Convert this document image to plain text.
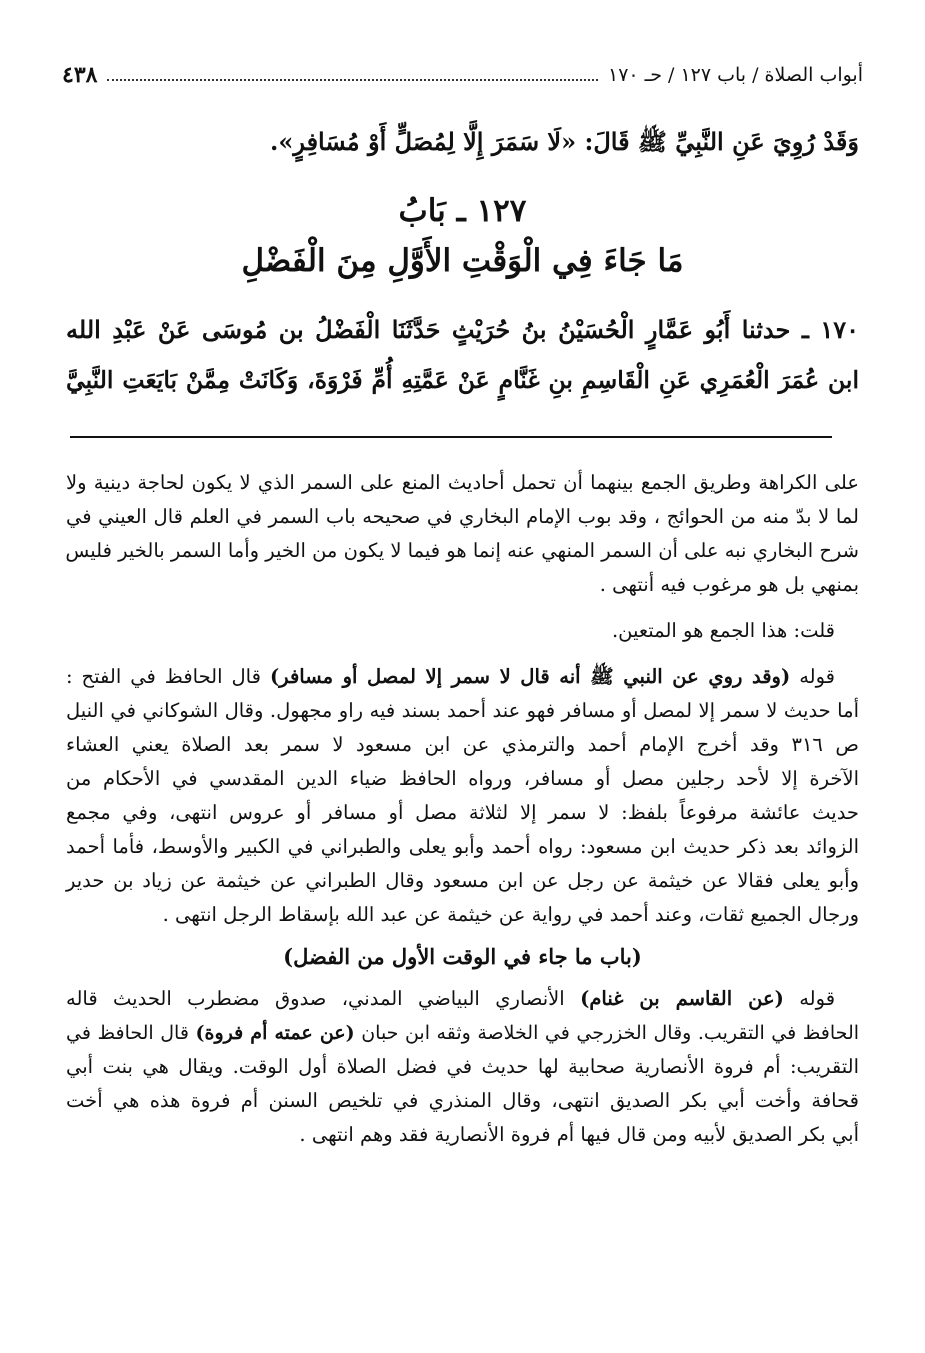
٤٣٨	أبواب الصلاة / باب ١٢٧ / حـ ١٧٠
وَقَدْ رُوِيَ عَنِ النَّبِيِّ ﷺ قَالَ: «لَا سَمَرَ إِلَّا لِمُصَلٍّ أَوْ مُسَافِرٍ».
١٢٧ ـ بَابُ
مَا جَاءَ فِي الْوَقْتِ الأَوَّلِ مِنَ الْفَضْلِ
١٧٠ ـ حدثنا أَبُو عَمَّارٍ الْحُسَيْنُ بنُ حُرَيْثٍ حَدَّثَنَا الْفَضْلُ بن مُوسَى عَنْ عَبْدِ الله
ابن عُمَرَ الْعُمَرِي عَنِ الْقَاسِمِ بنِ غَنَّامٍ عَنْ عَمَّتِهِ أُمِّ فَرْوَةَ، وَكَانَتْ مِمَّنْ بَايَعَتِ النَّبِيَّ
على الكراهة وطريق الجمع بينهما أن تحمل أحاديث المنع على السمر الذي لا يكون لحاجة دينية ولا
لما لا بدّ منه من الحوائج ، وقد بوب الإمام البخاري في صحيحه باب السمر في العلم قال العيني في
شرح البخاري نبه على أن السمر المنهي عنه إنما هو فيما لا يكون من الخير وأما السمر بالخير فليس
بمنهي بل هو مرغوب فيه أنتهى .
قلت: هذا الجمع هو المتعين.
قوله (وقد روي عن النبي ﷺ أنه قال لا سمر إلا لمصل أو مسافر) قال الحافظ في الفتح :
أما حديث لا سمر إلا لمصل أو مسافر فهو عند أحمد بسند فيه راو مجهول. وقال الشوكاني في النيل
ص ٣١٦ وقد أخرج الإمام أحمد والترمذي عن ابن مسعود لا سمر بعد الصلاة يعني العشاء
الآخرة إلا لأحد رجلين مصل أو مسافر، ورواه الحافظ ضياء الدين المقدسي في الأحكام من
حديث عائشة مرفوعاً بلفظ: لا سمر إلا لثلاثة مصل أو مسافر أو عروس انتهى، وفي مجمع
الزوائد بعد ذكر حديث ابن مسعود: رواه أحمد وأبو يعلى والطبراني في الكبير والأوسط، فأما أحمد
وأبو يعلى فقالا عن خيثمة عن رجل عن ابن مسعود وقال الطبراني عن خيثمة عن زياد بن حدير
ورجال الجميع ثقات، وعند أحمد في رواية عن خيثمة عن عبد الله بإسقاط الرجل انتهى .
(باب ما جاء في الوقت الأول من الفضل)
قوله (عن القاسم بن غنام) الأنصاري البياضي المدني، صدوق مضطرب الحديث قاله
الحافظ في التقريب. وقال الخزرجي في الخلاصة وثقه ابن حبان (عن عمته أم فروة) قال الحافظ في
التقريب: أم فروة الأنصارية صحابية لها حديث في فضل الصلاة أول الوقت. ويقال هي بنت أبي
قحافة وأخت أبي بكر الصديق انتهى، وقال المنذري في تلخيص السنن أم فروة هذه هي أخت
أبي بكر الصديق لأبيه ومن قال فيها أم فروة الأنصارية فقد وهم انتهى .
